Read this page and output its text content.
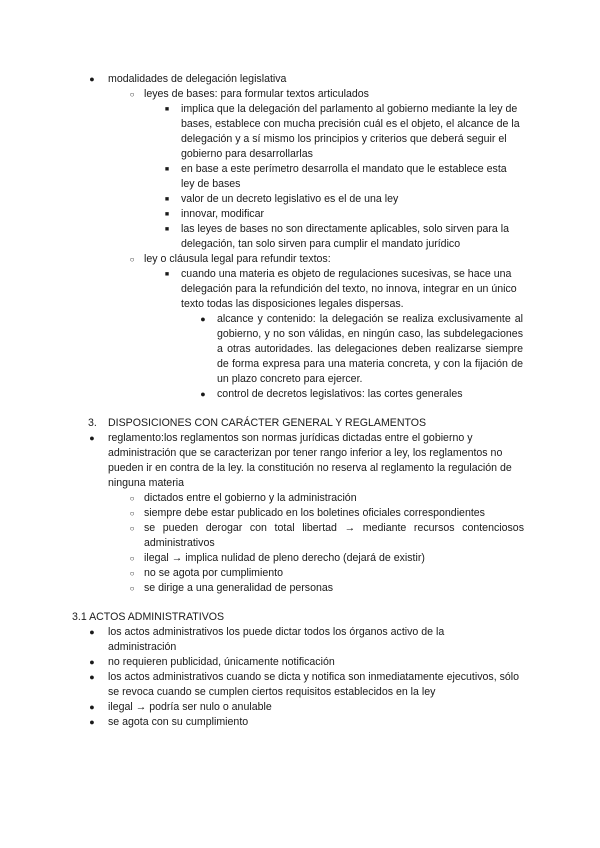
● modalidades de delegación legislativa
○ leyes de bases: para formular textos articulados
■ implica que la delegación del parlamento al gobierno mediante la ley de bases, establece con mucha precisión cuál es el objeto, el alcance de la delegación y a sí mismo los principios y criterios que deberá seguir el gobierno para desarrollarlas
■ en base a este perímetro desarrolla el mandato que le establece esta ley de bases
■ valor de un decreto legislativo es el de una ley
■ innovar, modificar
■ las leyes de bases no son directamente aplicables, solo sirven para la delegación, tan solo sirven para cumplir el mandato jurídico
○ ley o cláusula legal para refundir textos:
■ cuando una materia es objeto de regulaciones sucesivas, se hace una delegación para la refundición del texto, no innova, integrar en un único texto todas las disposiciones legales dispersas.
● alcance y contenido: la delegación se realiza exclusivamente al gobierno, y no son válidas, en ningún caso, las subdelegaciones a otras autoridades. las delegaciones deben realizarse siempre de forma expresa para una materia concreta, y con la fijación de un plazo concreto para ejercer.
● control de decretos legislativos: las cortes generales
3. DISPOSICIONES CON CARÁCTER GENERAL Y REGLAMENTOS
● reglamento:los reglamentos son normas jurídicas dictadas entre el gobierno y administración que se caracterizan por tener rango inferior a ley, los reglamentos no pueden ir en contra de la ley. la constitución no reserva al reglamento la regulación de ninguna materia
○ dictados entre el gobierno y la administración
○ siempre debe estar publicado en los boletines oficiales correspondientes
○ se pueden derogar con total libertad → mediante recursos contenciosos administrativos
○ ilegal → implica nulidad de pleno derecho (dejará de existir)
○ no se agota por cumplimiento
○ se dirige a una generalidad de personas
3.1 ACTOS ADMINISTRATIVOS
● los actos administrativos los puede dictar todos los órganos activo de la administración
● no requieren publicidad, únicamente notificación
● los actos administrativos cuando se dicta y notifica son inmediatamente ejecutivos, sólo se revoca cuando se cumplen ciertos requisitos establecidos en la ley
● ilegal → podría ser nulo o anulable
● se agota con su cumplimiento
